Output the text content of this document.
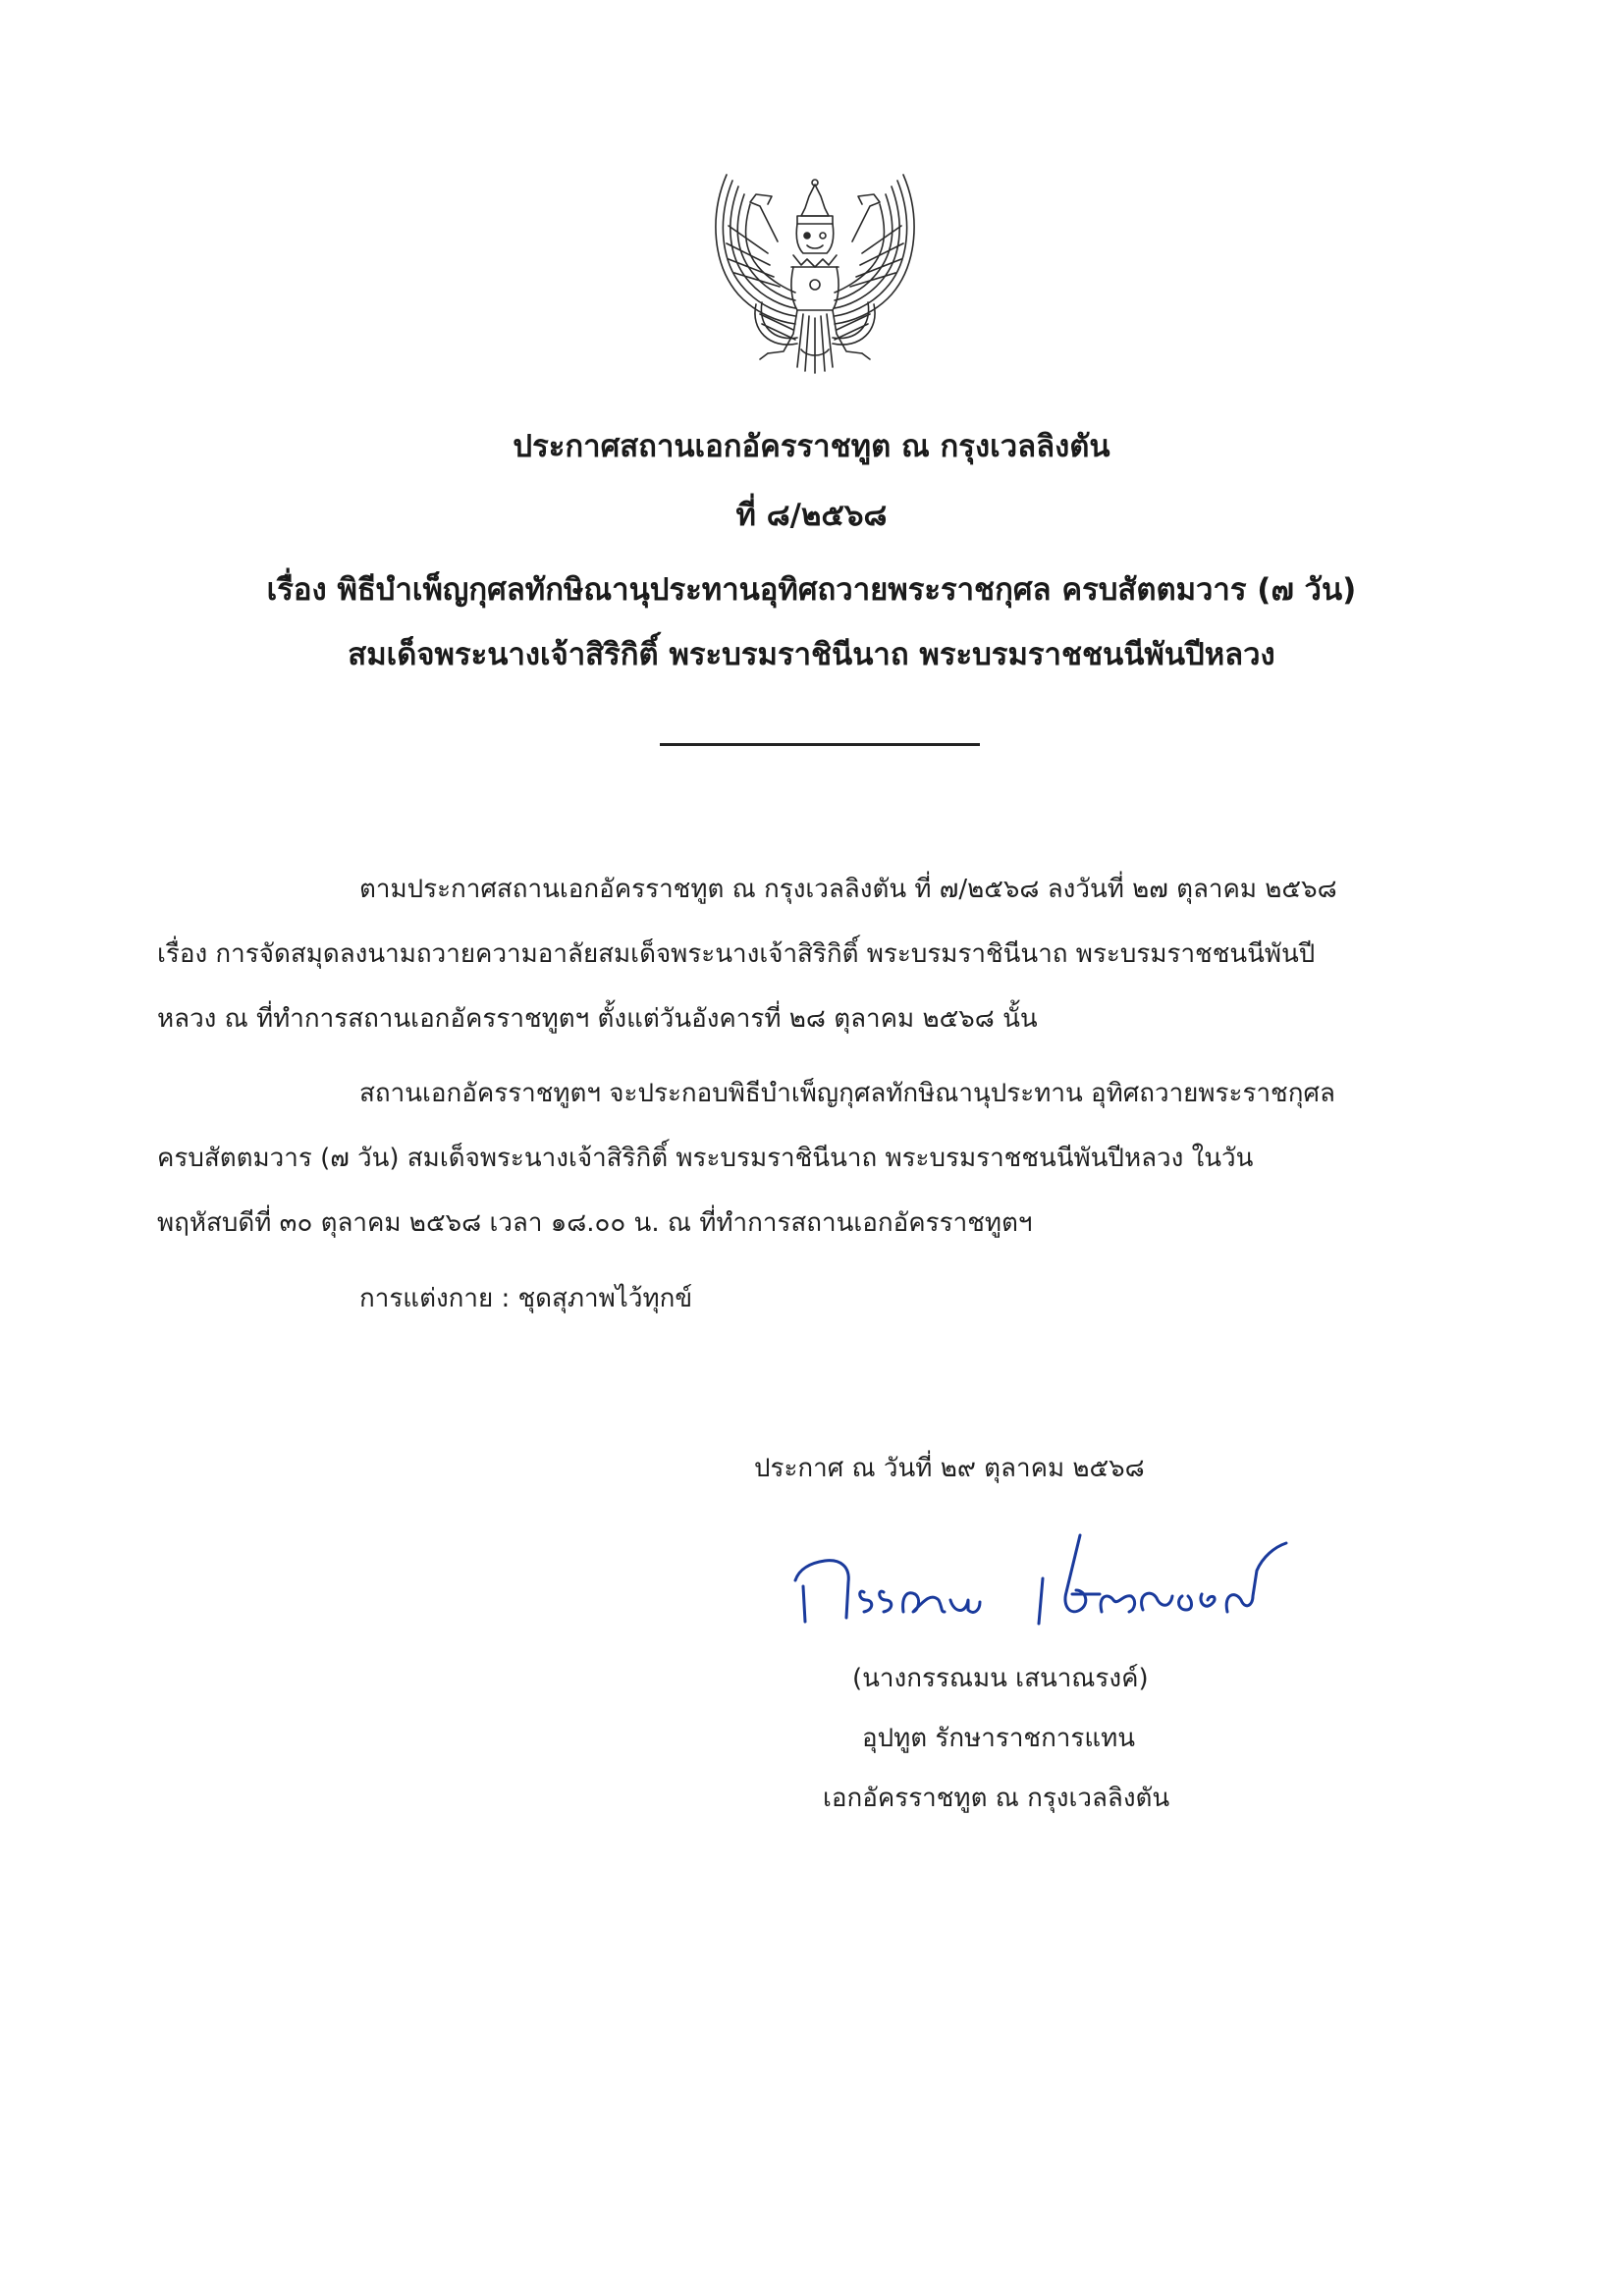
ประกาศสถานเอกอัครราชทูต ณ กรุงเวลลิงตัน
ที่ ๘/๒๕๖๘
เรื่อง พิธีบำเพ็ญกุศลทักษิณานุประทานอุทิศถวายพระราชกุศล ครบสัตตมวาร (๗ วัน)
สมเด็จพระนางเจ้าสิริกิติ์ พระบรมราชินีนาถ พระบรมราชชนนีพันปีหลวง
ตามประกาศสถานเอกอัครราชทูต ณ กรุงเวลลิงตัน ที่ ๗/๒๕๖๘ ลงวันที่ ๒๗ ตุลาคม ๒๕๖๘
เรื่อง การจัดสมุดลงนามถวายความอาลัยสมเด็จพระนางเจ้าสิริกิติ์ พระบรมราชินีนาถ พระบรมราชชนนีพันปี
หลวง ณ ที่ทำการสถานเอกอัครราชทูตฯ ตั้งแต่วันอังคารที่ ๒๘ ตุลาคม ๒๕๖๘ นั้น
สถานเอกอัครราชทูตฯ จะประกอบพิธีบำเพ็ญกุศลทักษิณานุประทาน อุทิศถวายพระราชกุศล
ครบสัตตมวาร (๗ วัน) สมเด็จพระนางเจ้าสิริกิติ์ พระบรมราชินีนาถ พระบรมราชชนนีพันปีหลวง ในวัน
พฤหัสบดีที่ ๓๐ ตุลาคม ๒๕๖๘ เวลา ๑๘.๐๐ น. ณ ที่ทำการสถานเอกอัครราชทูตฯ
การแต่งกาย : ชุดสุภาพไว้ทุกข์
ประกาศ ณ วันที่ ๒๙ ตุลาคม ๒๕๖๘
(นางกรรณมน เสนาณรงค์)
อุปทูต รักษาราชการแทน
เอกอัครราชทูต ณ กรุงเวลลิงตัน
